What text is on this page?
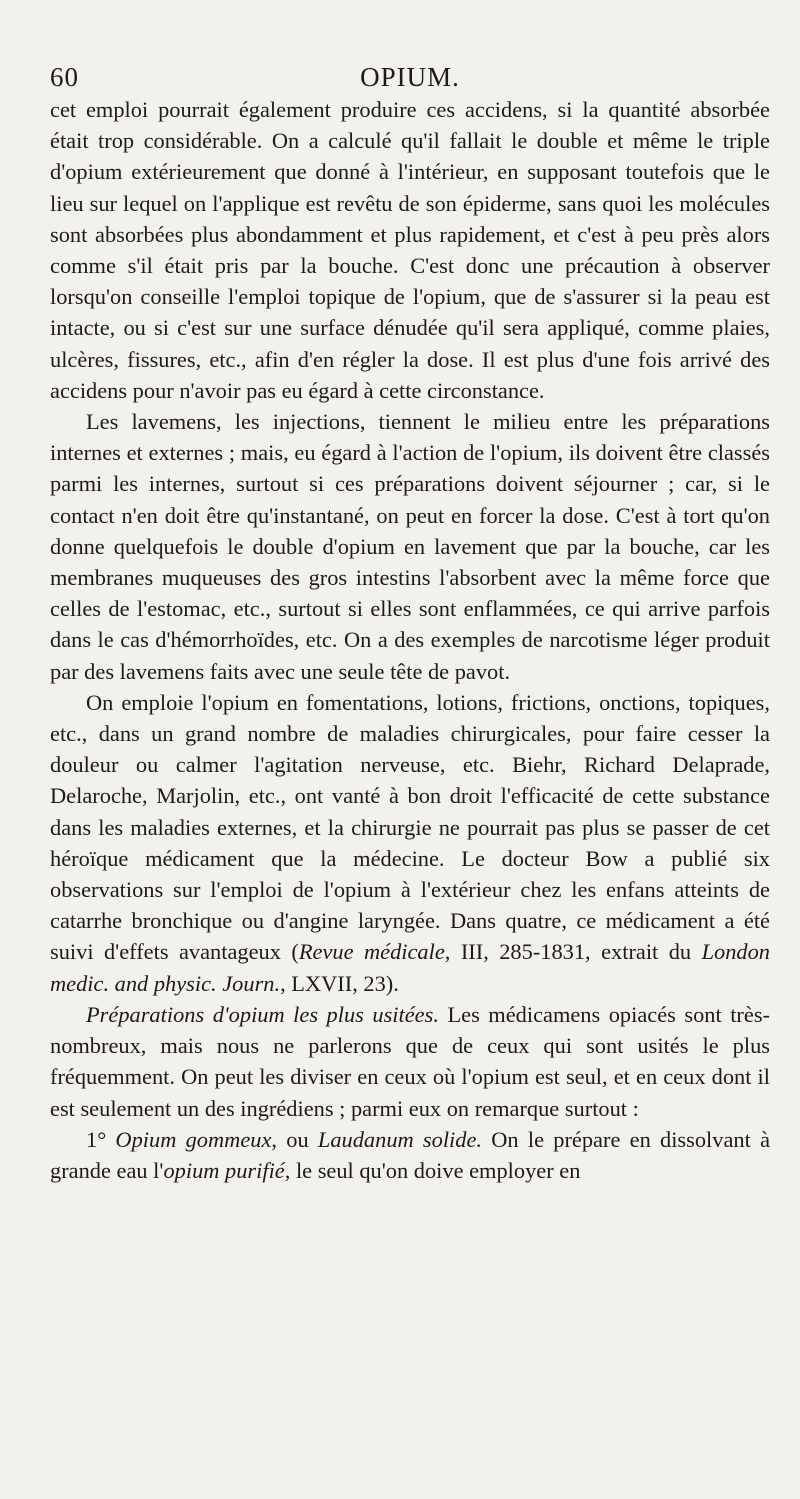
60	OPIUM.

cet emploi pourrait également produire ces accidens, si la quantité absorbée était trop considérable. On a calculé qu'il fallait le double et même le triple d'opium extérieurement que donné à l'intérieur, en supposant toutefois que le lieu sur lequel on l'applique est revêtu de son épiderme, sans quoi les molécules sont absorbées plus abondamment et plus rapidement, et c'est à peu près alors comme s'il était pris par la bouche. C'est donc une précaution à observer lorsqu'on conseille l'emploi topique de l'opium, que de s'assurer si la peau est intacte, ou si c'est sur une surface dénudée qu'il sera appliqué, comme plaies, ulcères, fissures, etc., afin d'en régler la dose. Il est plus d'une fois arrivé des accidens pour n'avoir pas eu égard à cette circonstance.

Les lavemens, les injections, tiennent le milieu entre les préparations internes et externes ; mais, eu égard à l'action de l'opium, ils doivent être classés parmi les internes, surtout si ces préparations doivent séjourner ; car, si le contact n'en doit être qu'instantané, on peut en forcer la dose. C'est à tort qu'on donne quelquefois le double d'opium en lavement que par la bouche, car les membranes muqueuses des gros intestins l'absorbent avec la même force que celles de l'estomac, etc., surtout si elles sont enflammées, ce qui arrive parfois dans le cas d'hémorrhoïdes, etc. On a des exemples de narcotisme léger produit par des lavemens faits avec une seule tête de pavot.

On emploie l'opium en fomentations, lotions, frictions, onctions, topiques, etc., dans un grand nombre de maladies chirurgicales, pour faire cesser la douleur ou calmer l'agitation nerveuse, etc. Biehr, Richard Delaprade, Delaroche, Marjolin, etc., ont vanté à bon droit l'efficacité de cette substance dans les maladies externes, et la chirurgie ne pourrait pas plus se passer de cet héroïque médicament que la médecine. Le docteur Bow a publié six observations sur l'emploi de l'opium à l'extérieur chez les enfans atteints de catarrhe bronchique ou d'angine laryngée. Dans quatre, ce médicament a été suivi d'effets avantageux (Revue médicale, III, 285-1831, extrait du London medic. and physic. Journ., LXVII, 23).

Préparations d'opium les plus usitées. Les médicamens opiacés sont très-nombreux, mais nous ne parlerons que de ceux qui sont usités le plus fréquemment. On peut les diviser en ceux où l'opium est seul, et en ceux dont il est seulement un des ingrédiens ; parmi eux on remarque surtout :

1° Opium gommeux, ou Laudanum solide. On le prépare en dissolvant à grande eau l'opium purifié, le seul qu'on doive employer en
